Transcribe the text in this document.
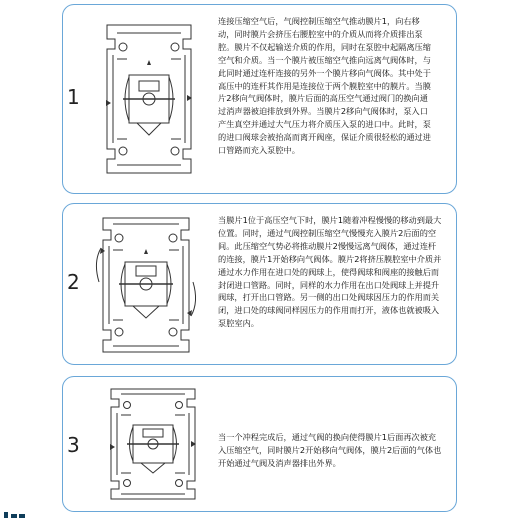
1
连接压缩空气后，气阀控制压缩空气推动膜片1，向右移动，同时膜片会挤压右腰腔室中的介质从而将介质排出泵腔。膜片不仅起输送介质的作用，同时在泵腔中起隔离压缩空气和介质。当一个膜片被压缩空气推向远离气阀体时，与此同时通过连杆连接的另外一个膜片移向气阀体。其中处于高压中的连杆其作用是连接位于两个膜腔室中的膜片。当膜片2移向气阀体时，膜片后面的高压空气通过阀门的换向通过消声器被迫排放到外界。当膜片2移向气阀体时，泵入口产生真空并通过大气压力将介质压入泵的进口中。此时，泵的进口阀球会被抬高而离开阀座，保证介质很轻松的通过进口管路而充入泵腔中。
2
当膜片1位于高压空气下时，膜片1随着冲程慢慢的移动到最大位置。同时，通过气阀控制压缩空气慢慢充入膜片2后面的空间。此压缩空气势必将推动膜片2慢慢远离气阀体，通过连杆的连接，膜片1开始移向气阀体。膜片2将挤压膜腔室中介质并通过水力作用在进口处的阀球上，使得阀球和阀座的接触后而封闭进口管路。同时，同样的水力作用在出口处阀球上并提升阀球，打开出口管路。另一侧的出口处阀球因压力的作用而关闭，进口处的球阀同样因压力的作用而打开，液体也就被吸入泵腔室内。
3	当一个冲程完成后，通过气阀的换向使得膜片1后面再次被充入压缩空气，同时膜片2开始移向气阀体，膜片2后面的气体也开始通过气阀及消声器排出外界。
